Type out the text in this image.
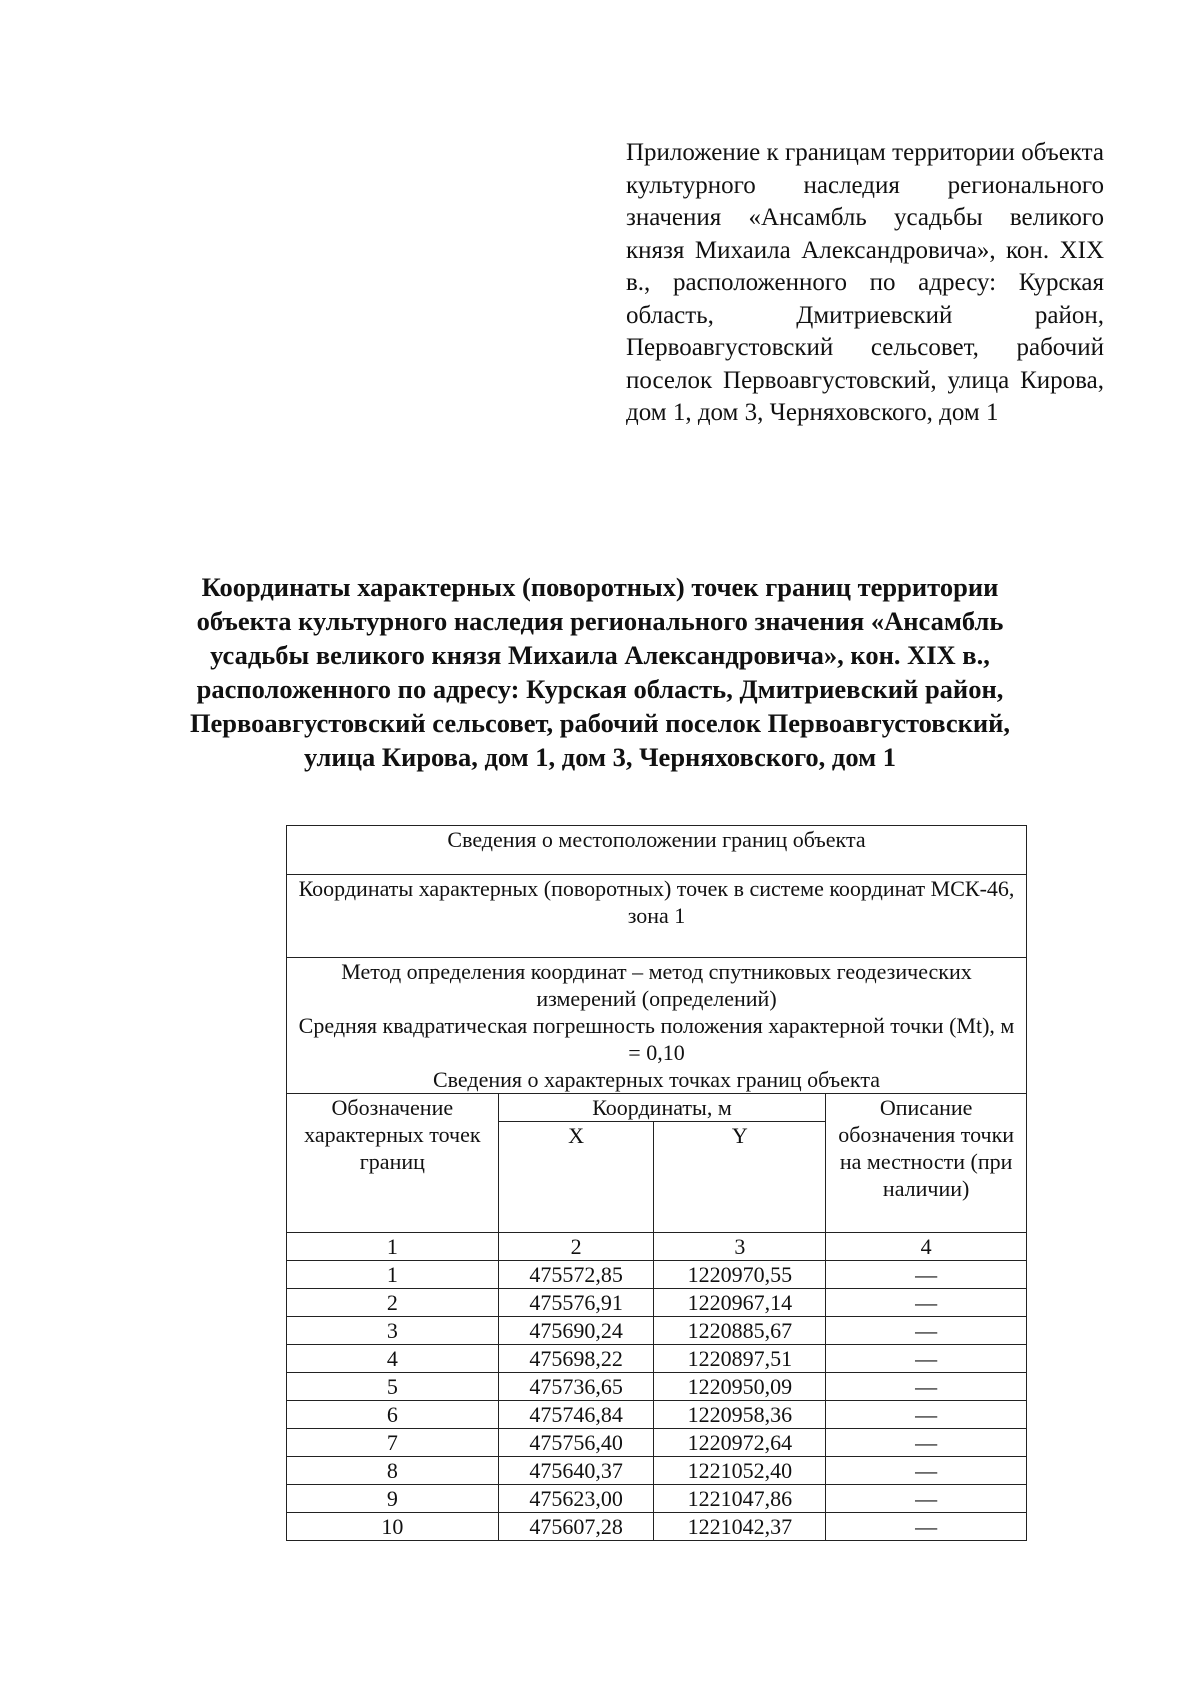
Приложение к границам территории объекта культурного наследия регионального значения «Ансамбль усадьбы великого князя Михаила Александровича», кон. XIX в., расположенного по адресу: Курская область, Дмитриевский район, Первоавгустовский сельсовет, рабочий поселок Первоавгустовский, улица Кирова, дом 1, дом 3, Черняховского, дом 1
Координаты характерных (поворотных) точек границ территории
объекта культурного наследия регионального значения «Ансамбль
усадьбы великого князя Михаила Александровича», кон. XIX в.,
расположенного по адресу: Курская область, Дмитриевский район,
Первоавгустовский сельсовет, рабочий поселок Первоавгустовский,
улица Кирова, дом 1, дом 3, Черняховского, дом 1
Сведения о местоположении границ объекта			
Координаты характерных (поворотных) точек в системе координат МСК-46, зона 1			

Метод определения координат – метод спутниковых геодезических измерений (определений)
Средняя квадратическая погрешность положения характерной точки (Mt), м = 0,10
Сведения о характерных точках границ объекта			

Обозначение характерных точек границ	Координаты, м		Описание обозначения точки на местности (при наличии)
	X	Y	
1	2	3	4
1	475572,85	1220970,55	—
2	475576,91	1220967,14	—
3	475690,24	1220885,67	—
4	475698,22	1220897,51	—
5	475736,65	1220950,09	—
6	475746,84	1220958,36	—
7	475756,40	1220972,64	—
8	475640,37	1221052,40	—
9	475623,00	1221047,86	—
10	475607,28	1221042,37	—
